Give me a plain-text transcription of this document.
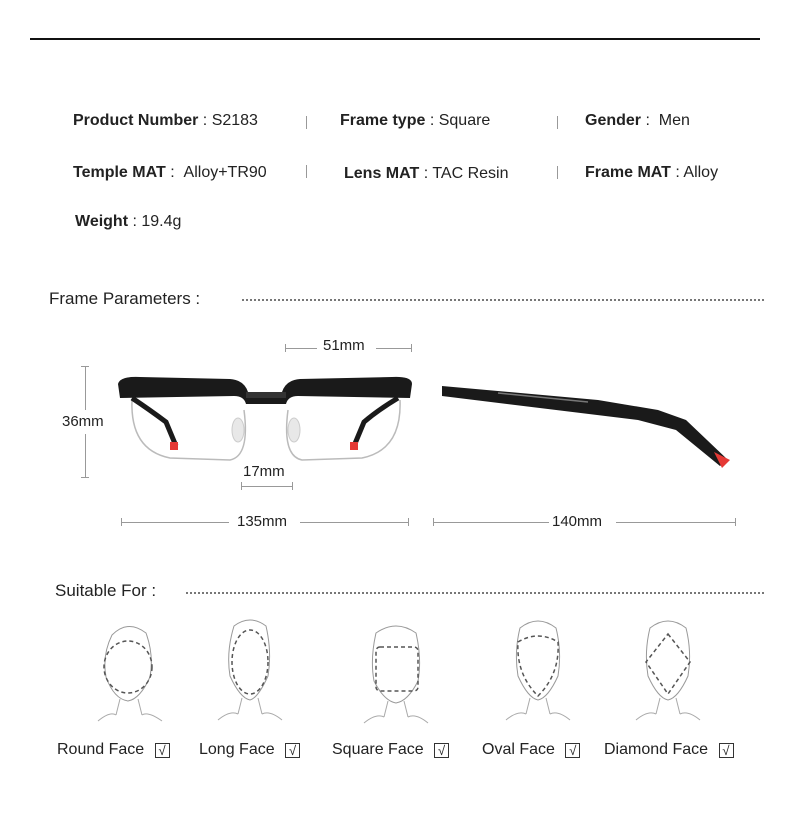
Product Number : S2183	Frame type : Square	Gender :  Men
Temple MAT :  Alloy+TR90	Lens MAT : TAC Resin	Frame MAT : Alloy
Weight : 19.4g
Frame Parameters :
51mm
36mm
17mm
135mm	140mm
Suitable For :
Round Face √ Long Face √ Square Face √ Oval Face √ Diamond Face √
